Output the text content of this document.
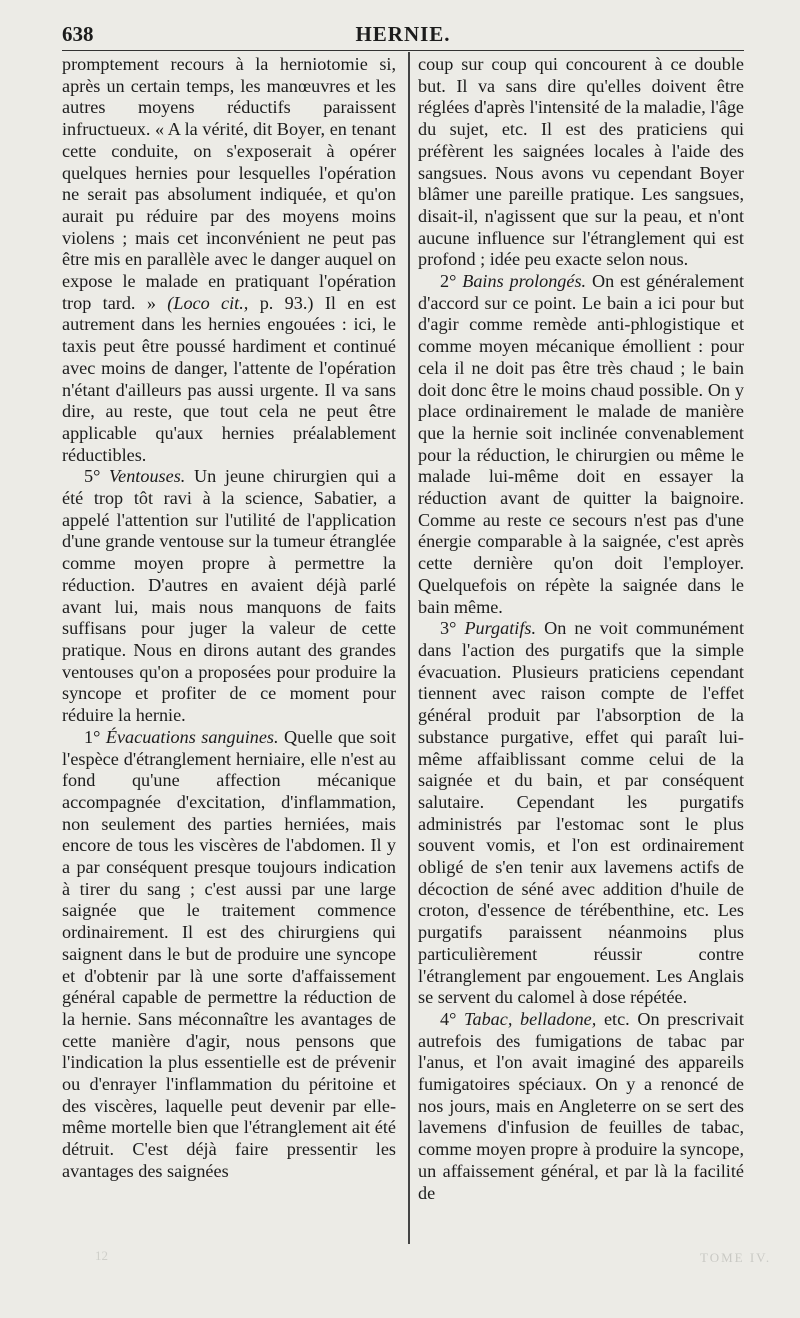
638	HERNIE.

promptement recours à la herniotomie si, après un certain temps, les manœuvres et les autres moyens réductifs paraissent infructueux. « A la vérité, dit Boyer, en tenant cette conduite, on s'exposerait à opérer quelques hernies pour lesquelles l'opération ne serait pas absolument indiquée, et qu'on aurait pu réduire par des moyens moins violens ; mais cet inconvénient ne peut pas être mis en parallèle avec le danger auquel on expose le malade en pratiquant l'opération trop tard. » (Loco cit., p. 93.) Il en est autrement dans les hernies engouées : ici, le taxis peut être poussé hardiment et continué avec moins de danger, l'attente de l'opération n'étant d'ailleurs pas aussi urgente. Il va sans dire, au reste, que tout cela ne peut être applicable qu'aux hernies préalablement réductibles.

5° Ventouses. Un jeune chirurgien qui a été trop tôt ravi à la science, Sabatier, a appelé l'attention sur l'utilité de l'application d'une grande ventouse sur la tumeur étranglée comme moyen propre à permettre la réduction. D'autres en avaient déjà parlé avant lui, mais nous manquons de faits suffisans pour juger la valeur de cette pratique. Nous en dirons autant des grandes ventouses qu'on a proposées pour produire la syncope et profiter de ce moment pour réduire la hernie.

1° Évacuations sanguines. Quelle que soit l'espèce d'étranglement herniaire, elle n'est au fond qu'une affection mécanique accompagnée d'excitation, d'inflammation, non seulement des parties herniées, mais encore de tous les viscères de l'abdomen. Il y a par conséquent presque toujours indication à tirer du sang ; c'est aussi par une large saignée que le traitement commence ordinairement. Il est des chirurgiens qui saignent dans le but de produire une syncope et d'obtenir par là une sorte d'affaissement général capable de permettre la réduction de la hernie. Sans méconnaître les avantages de cette manière d'agir, nous pensons que l'indication la plus essentielle est de prévenir ou d'enrayer l'inflammation du péritoine et des viscères, laquelle peut devenir par elle-même mortelle bien que l'étranglement ait été détruit. C'est déjà faire pressentir les avantages des saignées

coup sur coup qui concourent à ce double but. Il va sans dire qu'elles doivent être réglées d'après l'intensité de la maladie, l'âge du sujet, etc. Il est des praticiens qui préfèrent les saignées locales à l'aide des sangsues. Nous avons vu cependant Boyer blâmer une pareille pratique. Les sangsues, disait-il, n'agissent que sur la peau, et n'ont aucune influence sur l'étranglement qui est profond ; idée peu exacte selon nous.

2° Bains prolongés. On est généralement d'accord sur ce point. Le bain a ici pour but d'agir comme remède anti-phlogistique et comme moyen mécanique émollient : pour cela il ne doit pas être très chaud ; le bain doit donc être le moins chaud possible. On y place ordinairement le malade de manière que la hernie soit inclinée convenablement pour la réduction, le chirurgien ou même le malade lui-même doit en essayer la réduction avant de quitter la baignoire. Comme au reste ce secours n'est pas d'une énergie comparable à la saignée, c'est après cette dernière qu'on doit l'employer. Quelquefois on répète la saignée dans le bain même.

3° Purgatifs. On ne voit communément dans l'action des purgatifs que la simple évacuation. Plusieurs praticiens cependant tiennent avec raison compte de l'effet général produit par l'absorption de la substance purgative, effet qui paraît lui-même affaiblissant comme celui de la saignée et du bain, et par conséquent salutaire. Cependant les purgatifs administrés par l'estomac sont le plus souvent vomis, et l'on est ordinairement obligé de s'en tenir aux lavemens actifs de décoction de séné avec addition d'huile de croton, d'essence de térébenthine, etc. Les purgatifs paraissent néanmoins plus particulièrement réussir contre l'étranglement par engouement. Les Anglais se servent du calomel à dose répétée.

4° Tabac, belladone, etc. On prescrivait autrefois des fumigations de tabac par l'anus, et l'on avait imaginé des appareils fumigatoires spéciaux. On y a renoncé de nos jours, mais en Angleterre on se sert des lavemens d'infusion de feuilles de tabac, comme moyen propre à produire la syncope, un affaissement général, et par là la facilité de

12	TOME IV.
